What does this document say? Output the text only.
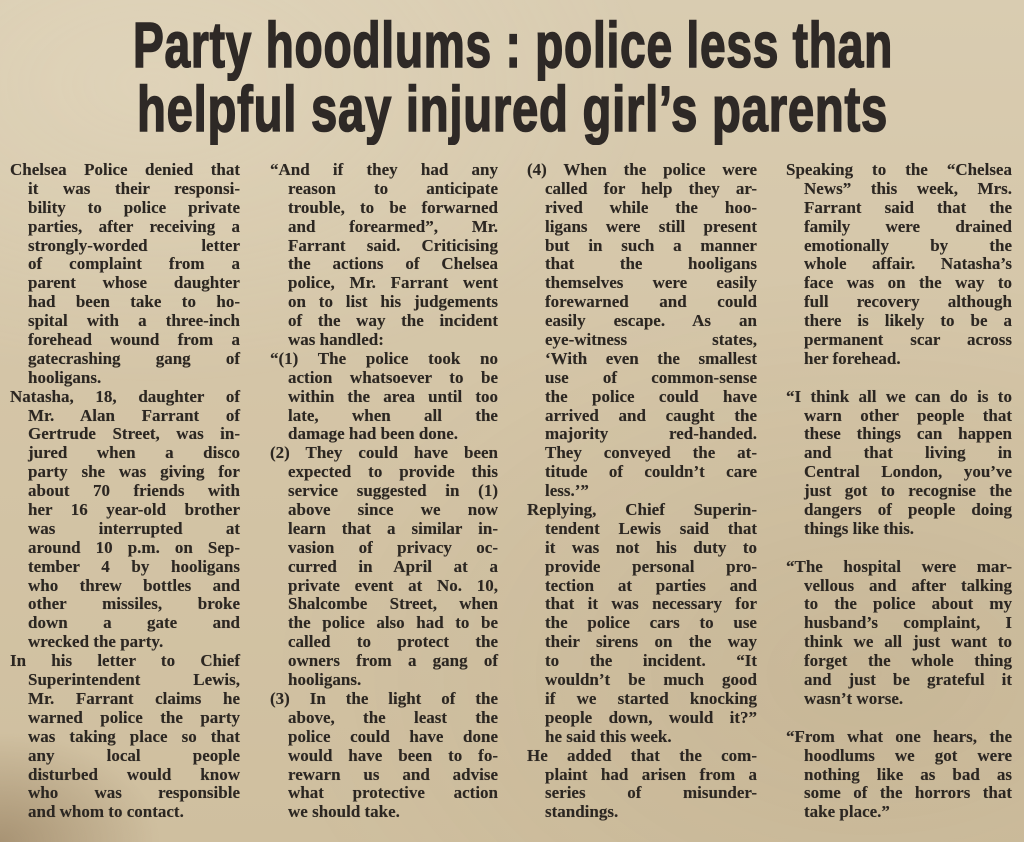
Party hoodlums : police less than
helpful say injured girl’s parents
Chelsea Police denied that
it was their responsi-
bility to police private
parties, after receiving a
strongly-worded letter
of complaint from a
parent whose daughter
had been take to ho-
spital with a three-inch
forehead wound from a
gatecrashing gang of
hooligans.
Natasha, 18, daughter of
Mr. Alan Farrant of
Gertrude Street, was in-
jured when a disco
party she was giving for
about 70 friends with
her 16 year-old brother
was interrupted at
around 10 p.m. on Sep-
tember 4 by hooligans
who threw bottles and
other missiles, broke
down a gate and
wrecked the party.
In his letter to Chief
Superintendent Lewis,
Mr. Farrant claims he
warned police the party
was taking place so that
any local people
disturbed would know
who was responsible
and whom to contact.
“And if they had any
reason to anticipate
trouble, to be forwarned
and forearmed”, Mr.
Farrant said. Criticising
the actions of Chelsea
police, Mr. Farrant went
on to list his judgements
of the way the incident
was handled:
“(1) The police took no
action whatsoever to be
within the area until too
late, when all the
damage had been done.
(2) They could have been
expected to provide this
service suggested in (1)
above since we now
learn that a similar in-
vasion of privacy oc-
curred in April at a
private event at No. 10,
Shalcombe Street, when
the police also had to be
called to protect the
owners from a gang of
hooligans.
(3) In the light of the
above, the least the
police could have done
would have been to fo-
rewarn us and advise
what protective action
we should take.
(4) When the police were
called for help they ar-
rived while the hoo-
ligans were still present
but in such a manner
that the hooligans
themselves were easily
forewarned and could
easily escape. As an
eye-witness states,
‘With even the smallest
use of common-sense
the police could have
arrived and caught the
majority red-handed.
They conveyed the at-
titude of couldn’t care
less.’”
Replying, Chief Superin-
tendent Lewis said that
it was not his duty to
provide personal pro-
tection at parties and
that it was necessary for
the police cars to use
their sirens on the way
to the incident. “It
wouldn’t be much good
if we started knocking
people down, would it?”
he said this week.
He added that the com-
plaint had arisen from a
series of misunder-
standings.
Speaking to the “Chelsea
News” this week, Mrs.
Farrant said that the
family were drained
emotionally by the
whole affair. Natasha’s
face was on the way to
full recovery although
there is likely to be a
permanent scar across
her forehead.
“I think all we can do is to
warn other people that
these things can happen
and that living in
Central London, you’ve
just got to recognise the
dangers of people doing
things like this.
“The hospital were mar-
vellous and after talking
to the police about my
husband’s complaint, I
think we all just want to
forget the whole thing
and just be grateful it
wasn’t worse.
“From what one hears, the
hoodlums we got were
nothing like as bad as
some of the horrors that
take place.”
